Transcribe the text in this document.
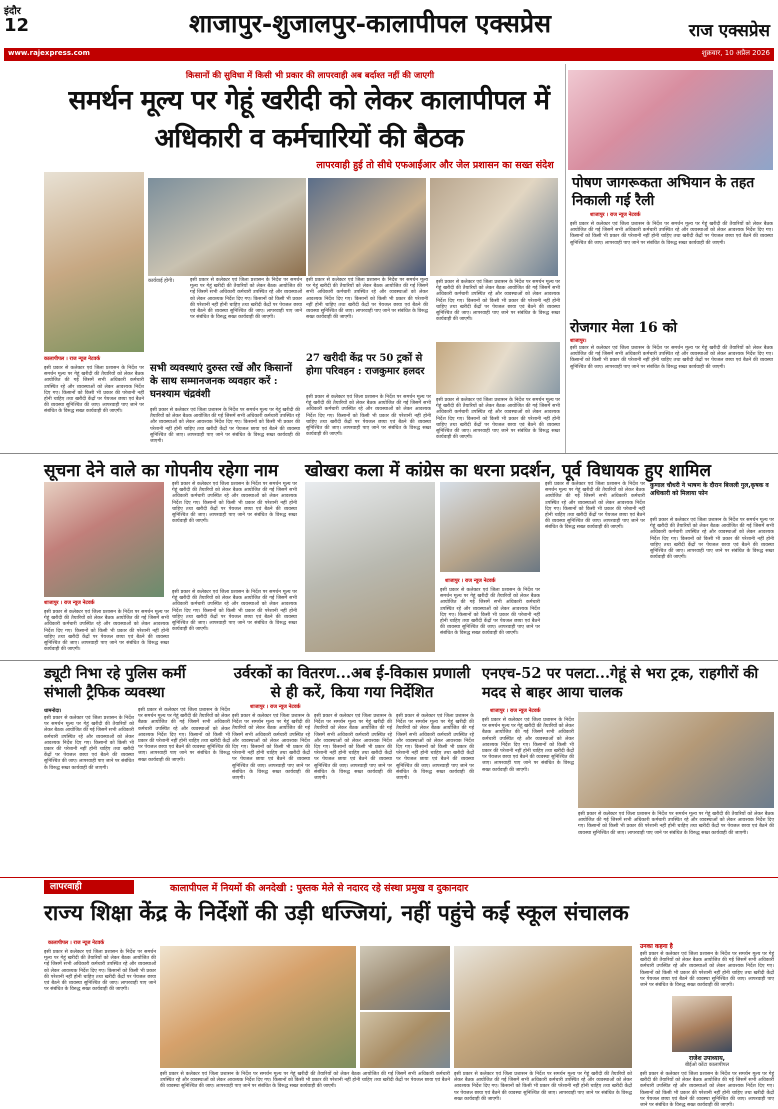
इंदौर
12	शाजापुर-शुजालपुर-कालापीपल एक्सप्रेस	राज एक्सप्रेस
www.rajexpress.com	शुक्रवार, 10 अप्रैल 2026
किसानों की सुविधा में किसी भी प्रकार की लापरवाही अब बर्दाश्त नहीं की जाएगी
समर्थन मूल्य पर गेहूं खरीदी को लेकर कालापीपल में अधिकारी व कर्मचारियों की बैठक
लापरवाही हुई तो सीधे एफआईआर और जेल प्रशासन का सख्त संदेश
कार्यवाई होगी।
कालापीपल । राज न्यूज नेटवर्क
इसी प्रकार से कलेक्टर एवं जिला प्रशासन के निर्देश पर समर्थन मूल्य पर गेहूं खरीदी की तैयारियों को लेकर बैठक आयोजित की गई जिसमें सभी अधिकारी कर्मचारी उपस्थित रहे और व्यवस्थाओं को लेकर आवश्यक निर्देश दिए गए। किसानों को किसी भी प्रकार की परेशानी नहीं होनी चाहिए तथा खरीदी केंद्रों पर पेयजल छाया एवं बैठने की व्यवस्था सुनिश्चित की जाए। लापरवाही पाए जाने पर संबंधित के विरुद्ध सख्त कार्यवाही की जाएगी।
इसी प्रकार से कलेक्टर एवं जिला प्रशासन के निर्देश पर समर्थन मूल्य पर गेहूं खरीदी की तैयारियों को लेकर बैठक आयोजित की गई जिसमें सभी अधिकारी कर्मचारी उपस्थित रहे और व्यवस्थाओं को लेकर आवश्यक निर्देश दिए गए। किसानों को किसी भी प्रकार की परेशानी नहीं होनी चाहिए तथा खरीदी केंद्रों पर पेयजल छाया एवं बैठने की व्यवस्था सुनिश्चित की जाए। लापरवाही पाए जाने पर संबंधित के विरुद्ध सख्त कार्यवाही की जाएगी।
सभी व्यवस्थाएं दुरुस्त रखें और किसानों के साथ सम्मानजनक व्यवहार करें : घनश्याम चंद्रवंशी
इसी प्रकार से कलेक्टर एवं जिला प्रशासन के निर्देश पर समर्थन मूल्य पर गेहूं खरीदी की तैयारियों को लेकर बैठक आयोजित की गई जिसमें सभी अधिकारी कर्मचारी उपस्थित रहे और व्यवस्थाओं को लेकर आवश्यक निर्देश दिए गए। किसानों को किसी भी प्रकार की परेशानी नहीं होनी चाहिए तथा खरीदी केंद्रों पर पेयजल छाया एवं बैठने की व्यवस्था सुनिश्चित की जाए। लापरवाही पाए जाने पर संबंधित के विरुद्ध सख्त कार्यवाही की जाएगी।
इसी प्रकार से कलेक्टर एवं जिला प्रशासन के निर्देश पर समर्थन मूल्य पर गेहूं खरीदी की तैयारियों को लेकर बैठक आयोजित की गई जिसमें सभी अधिकारी कर्मचारी उपस्थित रहे और व्यवस्थाओं को लेकर आवश्यक निर्देश दिए गए। किसानों को किसी भी प्रकार की परेशानी नहीं होनी चाहिए तथा खरीदी केंद्रों पर पेयजल छाया एवं बैठने की व्यवस्था सुनिश्चित की जाए। लापरवाही पाए जाने पर संबंधित के विरुद्ध सख्त कार्यवाही की जाएगी।
27 खरीदी केंद्र पर 50 ट्रकों से होगा परिवहन : राजकुमार हलदर
इसी प्रकार से कलेक्टर एवं जिला प्रशासन के निर्देश पर समर्थन मूल्य पर गेहूं खरीदी की तैयारियों को लेकर बैठक आयोजित की गई जिसमें सभी अधिकारी कर्मचारी उपस्थित रहे और व्यवस्थाओं को लेकर आवश्यक निर्देश दिए गए। किसानों को किसी भी प्रकार की परेशानी नहीं होनी चाहिए तथा खरीदी केंद्रों पर पेयजल छाया एवं बैठने की व्यवस्था सुनिश्चित की जाए। लापरवाही पाए जाने पर संबंधित के विरुद्ध सख्त कार्यवाही की जाएगी।
इसी प्रकार से कलेक्टर एवं जिला प्रशासन के निर्देश पर समर्थन मूल्य पर गेहूं खरीदी की तैयारियों को लेकर बैठक आयोजित की गई जिसमें सभी अधिकारी कर्मचारी उपस्थित रहे और व्यवस्थाओं को लेकर आवश्यक निर्देश दिए गए। किसानों को किसी भी प्रकार की परेशानी नहीं होनी चाहिए तथा खरीदी केंद्रों पर पेयजल छाया एवं बैठने की व्यवस्था सुनिश्चित की जाए। लापरवाही पाए जाने पर संबंधित के विरुद्ध सख्त कार्यवाही की जाएगी।
इसी प्रकार से कलेक्टर एवं जिला प्रशासन के निर्देश पर समर्थन मूल्य पर गेहूं खरीदी की तैयारियों को लेकर बैठक आयोजित की गई जिसमें सभी अधिकारी कर्मचारी उपस्थित रहे और व्यवस्थाओं को लेकर आवश्यक निर्देश दिए गए। किसानों को किसी भी प्रकार की परेशानी नहीं होनी चाहिए तथा खरीदी केंद्रों पर पेयजल छाया एवं बैठने की व्यवस्था सुनिश्चित की जाए। लापरवाही पाए जाने पर संबंधित के विरुद्ध सख्त कार्यवाही की जाएगी।
पोषण जागरूकता अभियान के तहत निकाली गई रैली
शाजापुर । राज न्यूज नेटवर्क
इसी प्रकार से कलेक्टर एवं जिला प्रशासन के निर्देश पर समर्थन मूल्य पर गेहूं खरीदी की तैयारियों को लेकर बैठक आयोजित की गई जिसमें सभी अधिकारी कर्मचारी उपस्थित रहे और व्यवस्थाओं को लेकर आवश्यक निर्देश दिए गए। किसानों को किसी भी प्रकार की परेशानी नहीं होनी चाहिए तथा खरीदी केंद्रों पर पेयजल छाया एवं बैठने की व्यवस्था सुनिश्चित की जाए। लापरवाही पाए जाने पर संबंधित के विरुद्ध सख्त कार्यवाही की जाएगी।
रोजगार मेला 16 को
शाजापुर।
इसी प्रकार से कलेक्टर एवं जिला प्रशासन के निर्देश पर समर्थन मूल्य पर गेहूं खरीदी की तैयारियों को लेकर बैठक आयोजित की गई जिसमें सभी अधिकारी कर्मचारी उपस्थित रहे और व्यवस्थाओं को लेकर आवश्यक निर्देश दिए गए। किसानों को किसी भी प्रकार की परेशानी नहीं होनी चाहिए तथा खरीदी केंद्रों पर पेयजल छाया एवं बैठने की व्यवस्था सुनिश्चित की जाए। लापरवाही पाए जाने पर संबंधित के विरुद्ध सख्त कार्यवाही की जाएगी।
सूचना देने वाले का गोपनीय रहेगा नाम
शाजापुर । राज न्यूज नेटवर्क
इसी प्रकार से कलेक्टर एवं जिला प्रशासन के निर्देश पर समर्थन मूल्य पर गेहूं खरीदी की तैयारियों को लेकर बैठक आयोजित की गई जिसमें सभी अधिकारी कर्मचारी उपस्थित रहे और व्यवस्थाओं को लेकर आवश्यक निर्देश दिए गए। किसानों को किसी भी प्रकार की परेशानी नहीं होनी चाहिए तथा खरीदी केंद्रों पर पेयजल छाया एवं बैठने की व्यवस्था सुनिश्चित की जाए। लापरवाही पाए जाने पर संबंधित के विरुद्ध सख्त कार्यवाही की जाएगी।
इसी प्रकार से कलेक्टर एवं जिला प्रशासन के निर्देश पर समर्थन मूल्य पर गेहूं खरीदी की तैयारियों को लेकर बैठक आयोजित की गई जिसमें सभी अधिकारी कर्मचारी उपस्थित रहे और व्यवस्थाओं को लेकर आवश्यक निर्देश दिए गए। किसानों को किसी भी प्रकार की परेशानी नहीं होनी चाहिए तथा खरीदी केंद्रों पर पेयजल छाया एवं बैठने की व्यवस्था सुनिश्चित की जाए। लापरवाही पाए जाने पर संबंधित के विरुद्ध सख्त कार्यवाही की जाएगी।
इसी प्रकार से कलेक्टर एवं जिला प्रशासन के निर्देश पर समर्थन मूल्य पर गेहूं खरीदी की तैयारियों को लेकर बैठक आयोजित की गई जिसमें सभी अधिकारी कर्मचारी उपस्थित रहे और व्यवस्थाओं को लेकर आवश्यक निर्देश दिए गए। किसानों को किसी भी प्रकार की परेशानी नहीं होनी चाहिए तथा खरीदी केंद्रों पर पेयजल छाया एवं बैठने की व्यवस्था सुनिश्चित की जाए। लापरवाही पाए जाने पर संबंधित के विरुद्ध सख्त कार्यवाही की जाएगी।
खोखरा कला में कांग्रेस का धरना प्रदर्शन, पूर्व विधायक हुए शामिल
शाजापुर । राज न्यूज नेटवर्क
इसी प्रकार से कलेक्टर एवं जिला प्रशासन के निर्देश पर समर्थन मूल्य पर गेहूं खरीदी की तैयारियों को लेकर बैठक आयोजित की गई जिसमें सभी अधिकारी कर्मचारी उपस्थित रहे और व्यवस्थाओं को लेकर आवश्यक निर्देश दिए गए। किसानों को किसी भी प्रकार की परेशानी नहीं होनी चाहिए तथा खरीदी केंद्रों पर पेयजल छाया एवं बैठने की व्यवस्था सुनिश्चित की जाए। लापरवाही पाए जाने पर संबंधित के विरुद्ध सख्त कार्यवाही की जाएगी।
इसी प्रकार से कलेक्टर एवं जिला प्रशासन के निर्देश पर समर्थन मूल्य पर गेहूं खरीदी की तैयारियों को लेकर बैठक आयोजित की गई जिसमें सभी अधिकारी कर्मचारी उपस्थित रहे और व्यवस्थाओं को लेकर आवश्यक निर्देश दिए गए। किसानों को किसी भी प्रकार की परेशानी नहीं होनी चाहिए तथा खरीदी केंद्रों पर पेयजल छाया एवं बैठने की व्यवस्था सुनिश्चित की जाए। लापरवाही पाए जाने पर संबंधित के विरुद्ध सख्त कार्यवाही की जाएगी।
कुणाल चौधरी ने भाषण के दौरान बिजली गुल,कृषक व अधिकारी को मिलाया फोन
इसी प्रकार से कलेक्टर एवं जिला प्रशासन के निर्देश पर समर्थन मूल्य पर गेहूं खरीदी की तैयारियों को लेकर बैठक आयोजित की गई जिसमें सभी अधिकारी कर्मचारी उपस्थित रहे और व्यवस्थाओं को लेकर आवश्यक निर्देश दिए गए। किसानों को किसी भी प्रकार की परेशानी नहीं होनी चाहिए तथा खरीदी केंद्रों पर पेयजल छाया एवं बैठने की व्यवस्था सुनिश्चित की जाए। लापरवाही पाए जाने पर संबंधित के विरुद्ध सख्त कार्यवाही की जाएगी।
ड्यूटी निभा रहे पुलिस कर्मी संभाली ट्रैफिक व्यवस्था
धामनोदा।
इसी प्रकार से कलेक्टर एवं जिला प्रशासन के निर्देश पर समर्थन मूल्य पर गेहूं खरीदी की तैयारियों को लेकर बैठक आयोजित की गई जिसमें सभी अधिकारी कर्मचारी उपस्थित रहे और व्यवस्थाओं को लेकर आवश्यक निर्देश दिए गए। किसानों को किसी भी प्रकार की परेशानी नहीं होनी चाहिए तथा खरीदी केंद्रों पर पेयजल छाया एवं बैठने की व्यवस्था सुनिश्चित की जाए। लापरवाही पाए जाने पर संबंधित के विरुद्ध सख्त कार्यवाही की जाएगी।
इसी प्रकार से कलेक्टर एवं जिला प्रशासन के निर्देश पर समर्थन मूल्य पर गेहूं खरीदी की तैयारियों को लेकर बैठक आयोजित की गई जिसमें सभी अधिकारी कर्मचारी उपस्थित रहे और व्यवस्थाओं को लेकर आवश्यक निर्देश दिए गए। किसानों को किसी भी प्रकार की परेशानी नहीं होनी चाहिए तथा खरीदी केंद्रों पर पेयजल छाया एवं बैठने की व्यवस्था सुनिश्चित की जाए। लापरवाही पाए जाने पर संबंधित के विरुद्ध सख्त कार्यवाही की जाएगी।
उर्वरकों का वितरण...अब ई-विकास प्रणाली से ही करें, किया गया निर्देशित
शाजापुर । राज न्यूज नेटवर्क
इसी प्रकार से कलेक्टर एवं जिला प्रशासन के निर्देश पर समर्थन मूल्य पर गेहूं खरीदी की तैयारियों को लेकर बैठक आयोजित की गई जिसमें सभी अधिकारी कर्मचारी उपस्थित रहे और व्यवस्थाओं को लेकर आवश्यक निर्देश दिए गए। किसानों को किसी भी प्रकार की परेशानी नहीं होनी चाहिए तथा खरीदी केंद्रों पर पेयजल छाया एवं बैठने की व्यवस्था सुनिश्चित की जाए। लापरवाही पाए जाने पर संबंधित के विरुद्ध सख्त कार्यवाही की जाएगी।
इसी प्रकार से कलेक्टर एवं जिला प्रशासन के निर्देश पर समर्थन मूल्य पर गेहूं खरीदी की तैयारियों को लेकर बैठक आयोजित की गई जिसमें सभी अधिकारी कर्मचारी उपस्थित रहे और व्यवस्थाओं को लेकर आवश्यक निर्देश दिए गए। किसानों को किसी भी प्रकार की परेशानी नहीं होनी चाहिए तथा खरीदी केंद्रों पर पेयजल छाया एवं बैठने की व्यवस्था सुनिश्चित की जाए। लापरवाही पाए जाने पर संबंधित के विरुद्ध सख्त कार्यवाही की जाएगी।
इसी प्रकार से कलेक्टर एवं जिला प्रशासन के निर्देश पर समर्थन मूल्य पर गेहूं खरीदी की तैयारियों को लेकर बैठक आयोजित की गई जिसमें सभी अधिकारी कर्मचारी उपस्थित रहे और व्यवस्थाओं को लेकर आवश्यक निर्देश दिए गए। किसानों को किसी भी प्रकार की परेशानी नहीं होनी चाहिए तथा खरीदी केंद्रों पर पेयजल छाया एवं बैठने की व्यवस्था सुनिश्चित की जाए। लापरवाही पाए जाने पर संबंधित के विरुद्ध सख्त कार्यवाही की जाएगी।
एनएच-52 पर पलटा...गेहूं से भरा ट्रक, राहगीरों की मदद से बाहर आया चालक
शाजापुर । राज न्यूज नेटवर्क
इसी प्रकार से कलेक्टर एवं जिला प्रशासन के निर्देश पर समर्थन मूल्य पर गेहूं खरीदी की तैयारियों को लेकर बैठक आयोजित की गई जिसमें सभी अधिकारी कर्मचारी उपस्थित रहे और व्यवस्थाओं को लेकर आवश्यक निर्देश दिए गए। किसानों को किसी भी प्रकार की परेशानी नहीं होनी चाहिए तथा खरीदी केंद्रों पर पेयजल छाया एवं बैठने की व्यवस्था सुनिश्चित की जाए। लापरवाही पाए जाने पर संबंधित के विरुद्ध सख्त कार्यवाही की जाएगी।
इसी प्रकार से कलेक्टर एवं जिला प्रशासन के निर्देश पर समर्थन मूल्य पर गेहूं खरीदी की तैयारियों को लेकर बैठक आयोजित की गई जिसमें सभी अधिकारी कर्मचारी उपस्थित रहे और व्यवस्थाओं को लेकर आवश्यक निर्देश दिए गए। किसानों को किसी भी प्रकार की परेशानी नहीं होनी चाहिए तथा खरीदी केंद्रों पर पेयजल छाया एवं बैठने की व्यवस्था सुनिश्चित की जाए। लापरवाही पाए जाने पर संबंधित के विरुद्ध सख्त कार्यवाही की जाएगी।
लापरवाही	कालापीपल में नियमों की अनदेखी : पुस्तक मेले से नदारद रहे संस्था प्रमुख व दुकानदार
राज्य शिक्षा केंद्र के निर्देशों की उड़ी धज्जियां, नहीं पहुंचे कई स्कूल संचालक
कालापीपल । राज न्यूज नेटवर्क
इसी प्रकार से कलेक्टर एवं जिला प्रशासन के निर्देश पर समर्थन मूल्य पर गेहूं खरीदी की तैयारियों को लेकर बैठक आयोजित की गई जिसमें सभी अधिकारी कर्मचारी उपस्थित रहे और व्यवस्थाओं को लेकर आवश्यक निर्देश दिए गए। किसानों को किसी भी प्रकार की परेशानी नहीं होनी चाहिए तथा खरीदी केंद्रों पर पेयजल छाया एवं बैठने की व्यवस्था सुनिश्चित की जाए। लापरवाही पाए जाने पर संबंधित के विरुद्ध सख्त कार्यवाही की जाएगी।
इसी प्रकार से कलेक्टर एवं जिला प्रशासन के निर्देश पर समर्थन मूल्य पर गेहूं खरीदी की तैयारियों को लेकर बैठक आयोजित की गई जिसमें सभी अधिकारी कर्मचारी उपस्थित रहे और व्यवस्थाओं को लेकर आवश्यक निर्देश दिए गए। किसानों को किसी भी प्रकार की परेशानी नहीं होनी चाहिए तथा खरीदी केंद्रों पर पेयजल छाया एवं बैठने की व्यवस्था सुनिश्चित की जाए। लापरवाही पाए जाने पर संबंधित के विरुद्ध सख्त कार्यवाही की जाएगी।
इसी प्रकार से कलेक्टर एवं जिला प्रशासन के निर्देश पर समर्थन मूल्य पर गेहूं खरीदी की तैयारियों को लेकर बैठक आयोजित की गई जिसमें सभी अधिकारी कर्मचारी उपस्थित रहे और व्यवस्थाओं को लेकर आवश्यक निर्देश दिए गए। किसानों को किसी भी प्रकार की परेशानी नहीं होनी चाहिए तथा खरीदी केंद्रों पर पेयजल छाया एवं बैठने की व्यवस्था सुनिश्चित की जाए। लापरवाही पाए जाने पर संबंधित के विरुद्ध सख्त कार्यवाही की जाएगी।
उनका कहना है
इसी प्रकार से कलेक्टर एवं जिला प्रशासन के निर्देश पर समर्थन मूल्य पर गेहूं खरीदी की तैयारियों को लेकर बैठक आयोजित की गई जिसमें सभी अधिकारी कर्मचारी उपस्थित रहे और व्यवस्थाओं को लेकर आवश्यक निर्देश दिए गए। किसानों को किसी भी प्रकार की परेशानी नहीं होनी चाहिए तथा खरीदी केंद्रों पर पेयजल छाया एवं बैठने की व्यवस्था सुनिश्चित की जाए। लापरवाही पाए जाने पर संबंधित के विरुद्ध सख्त कार्यवाही की जाएगी।
राजेश उपाध्याय,
बीईओ कोंटा कालापीपल
इसी प्रकार से कलेक्टर एवं जिला प्रशासन के निर्देश पर समर्थन मूल्य पर गेहूं खरीदी की तैयारियों को लेकर बैठक आयोजित की गई जिसमें सभी अधिकारी कर्मचारी उपस्थित रहे और व्यवस्थाओं को लेकर आवश्यक निर्देश दिए गए। किसानों को किसी भी प्रकार की परेशानी नहीं होनी चाहिए तथा खरीदी केंद्रों पर पेयजल छाया एवं बैठने की व्यवस्था सुनिश्चित की जाए। लापरवाही पाए जाने पर संबंधित के विरुद्ध सख्त कार्यवाही की जाएगी।
